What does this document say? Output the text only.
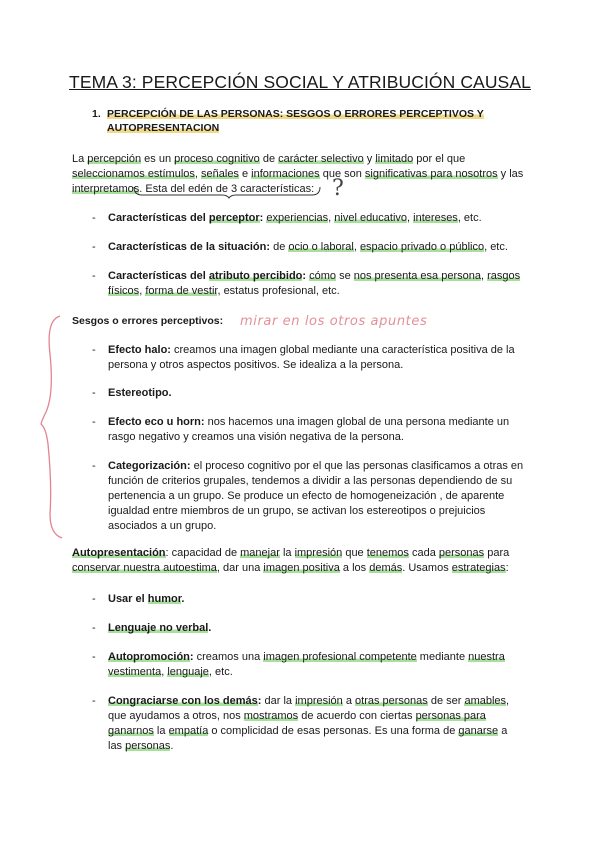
TEMA 3: PERCEPCIÓN SOCIAL Y ATRIBUCIÓN CAUSAL
1. PERCEPCIÓN DE LAS PERSONAS: SESGOS O ERRORES PERCEPTIVOS Y
AUTOPRESENTACION
La percepción es un proceso cognitivo de carácter selectivo y limitado por el que
seleccionamos estímulos, señales e informaciones que son significativas para nosotros y las
interpretamos. Esta del edén de 3 características: ?
- Características del perceptor: experiencias, nivel educativo, intereses, etc.
- Características de la situación: de ocio o laboral, espacio privado o público, etc.
- Características del atributo percibido: cómo se nos presenta esa persona, rasgos
físicos, forma de vestir, estatus profesional, etc.
Sesgos o errores perceptivos: mirar en los otros apuntes
- Efecto halo: creamos una imagen global mediante una característica positiva de la
persona y otros aspectos positivos. Se idealiza a la persona.
- Estereotipo.
- Efecto eco u horn: nos hacemos una imagen global de una persona mediante un
rasgo negativo y creamos una visión negativa de la persona.
- Categorización: el proceso cognitivo por el que las personas clasificamos a otras en
función de criterios grupales, tendemos a dividir a las personas dependiendo de su
pertenencia a un grupo. Se produce un efecto de homogeneización , de aparente
igualdad entre miembros de un grupo, se activan los estereotipos o prejuicios
asociados a un grupo.
Autopresentación: capacidad de manejar la impresión que tenemos cada personas para
conservar nuestra autoestima, dar una imagen positiva a los demás. Usamos estrategias:
- Usar el humor.
- Lenguaje no verbal.
- Autopromoción: creamos una imagen profesional competente mediante nuestra
vestimenta, lenguaje, etc.
- Congraciarse con los demás: dar la impresión a otras personas de ser amables,
que ayudamos a otros, nos mostramos de acuerdo con ciertas personas para
ganarnos la empatía o complicidad de esas personas. Es una forma de ganarse a
las personas.
